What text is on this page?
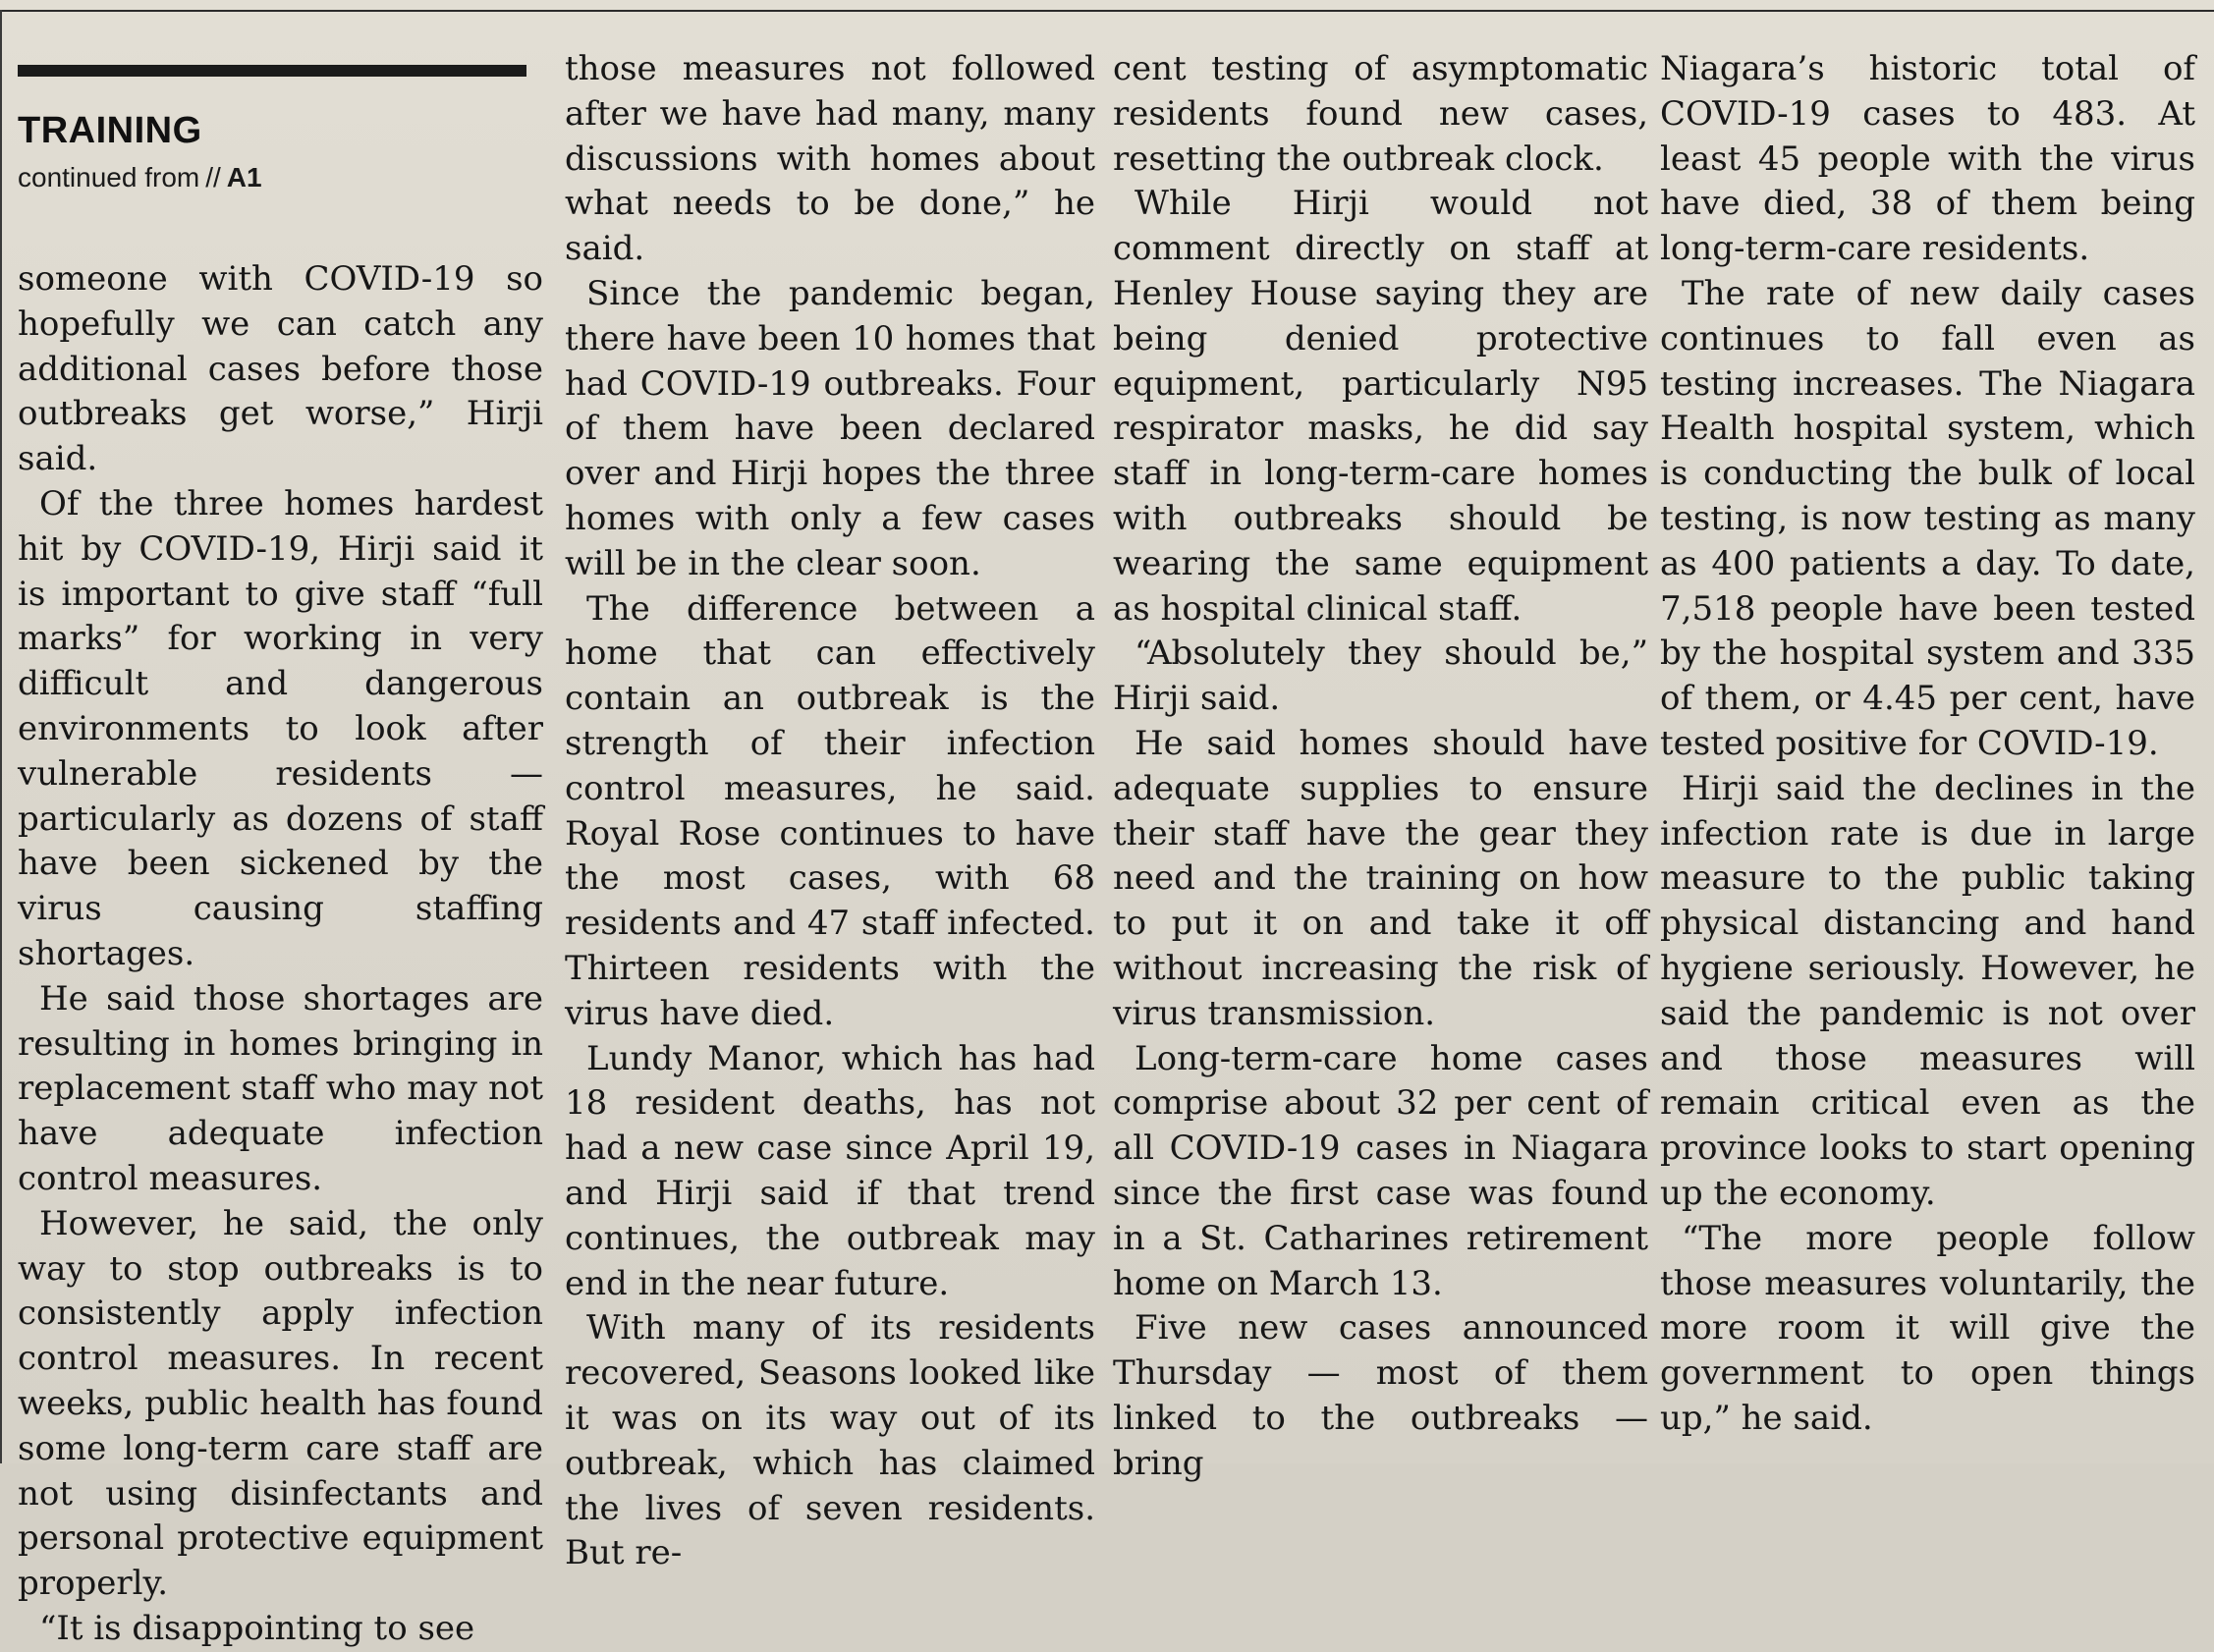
TRAINING
continued from // A1

someone with COVID-19 so hopefully we can catch any additional cases before those outbreaks get worse,” Hirji said.

Of the three homes hardest hit by COVID-19, Hirji said it is important to give staff “full marks” for working in very difficult and dangerous environments to look after vulnerable residents — particularly as dozens of staff have been sickened by the virus causing staffing shortages.

He said those shortages are resulting in homes bringing in replacement staff who may not have adequate infection control measures.

However, he said, the only way to stop outbreaks is to consistently apply infection control measures. In recent weeks, public health has found some long-term care staff are not using disinfectants and personal protective equipment properly.

“It is disappointing to see

those measures not followed after we have had many, many discussions with homes about what needs to be done,” he said.

Since the pandemic began, there have been 10 homes that had COVID-19 outbreaks. Four of them have been declared over and Hirji hopes the three homes with only a few cases will be in the clear soon.

The difference between a home that can effectively contain an outbreak is the strength of their infection control measures, he said. Royal Rose continues to have the most cases, with 68 residents and 47 staff infected. Thirteen residents with the virus have died.

Lundy Manor, which has had 18 resident deaths, has not had a new case since April 19, and Hirji said if that trend continues, the outbreak may end in the near future.

With many of its residents recovered, Seasons looked like it was on its way out of its outbreak, which has claimed the lives of seven residents. But re-

cent testing of asymptomatic residents found new cases, resetting the outbreak clock.

While Hirji would not comment directly on staff at Henley House saying they are being denied protective equipment, particularly N95 respirator masks, he did say staff in long-term-care homes with outbreaks should be wearing the same equipment as hospital clinical staff.

“Absolutely they should be,” Hirji said.

He said homes should have adequate supplies to ensure their staff have the gear they need and the training on how to put it on and take it off without increasing the risk of virus transmission.

Long-term-care home cases comprise about 32 per cent of all COVID-19 cases in Niagara since the first case was found in a St. Catharines retirement home on March 13.

Five new cases announced Thursday — most of them linked to the outbreaks — bring

Niagara’s historic total of COVID-19 cases to 483. At least 45 people with the virus have died, 38 of them being long-term-care residents.

The rate of new daily cases continues to fall even as testing increases. The Niagara Health hospital system, which is conducting the bulk of local testing, is now testing as many as 400 patients a day. To date, 7,518 people have been tested by the hospital system and 335 of them, or 4.45 per cent, have tested positive for COVID-19.

Hirji said the declines in the infection rate is due in large measure to the public taking physical distancing and hand hygiene seriously. However, he said the pandemic is not over and those measures will remain critical even as the province looks to start opening up the economy.

“The more people follow those measures voluntarily, the more room it will give the government to open things up,” he said.
